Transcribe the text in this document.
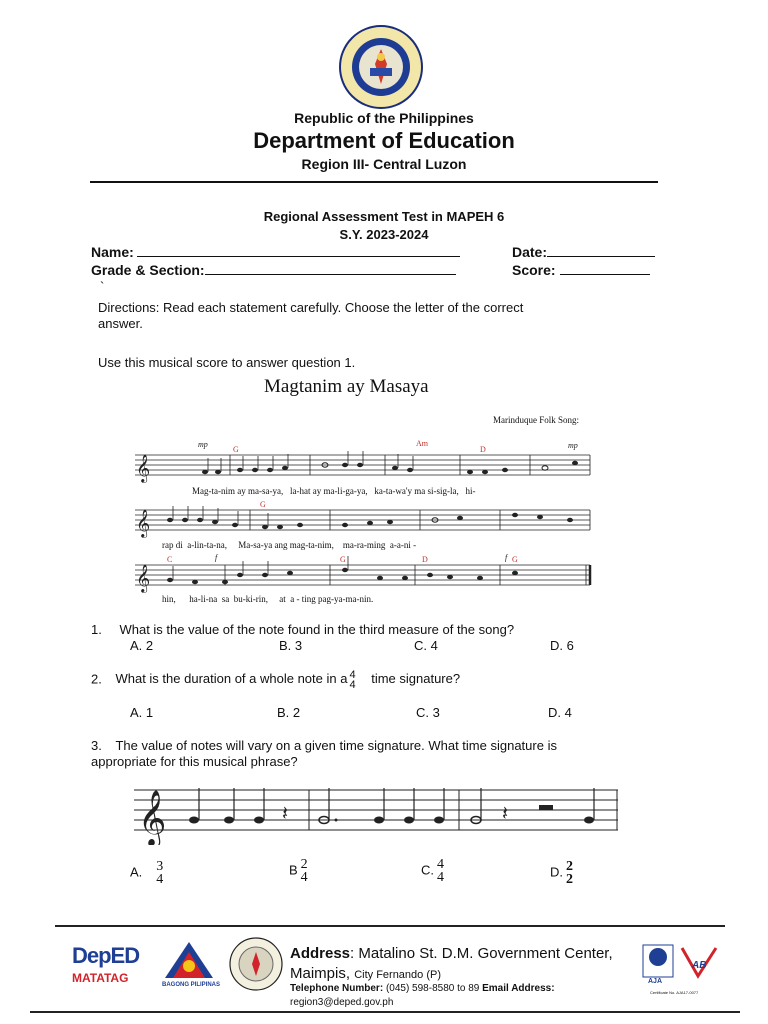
Republic of the Philippines
Department of Education
Region III- Central Luzon
Regional Assessment Test in MAPEH 6
S.Y. 2023-2024
Name:	Date:
Grade & Section:	Score:
`
Directions: Read each statement carefully. Choose the letter of the correct answer.
Use this musical score to answer question 1.
Magtanim ay Masaya
Marinduque Folk Song:
𝄞
𝄞
𝄞
mp	mp
f	f
G
Am
D
G
C	G	D	G
Mag-ta-nim ay ma-sa-ya,   la-hat ay ma-li-ga-ya,   ka-ta-wa'y ma si-sig-la,   hi-
rap di  a-lin-ta-na,     Ma-sa-ya ang mag-ta-nim,    ma-ra-ming  a-a-ni -
hin,      ha-li-na  sa  bu-ki-rin,     at  a - ting pag-ya-ma-nin.
1. What is the value of the note found in the third measure of the song?
A. 2	B. 3	C. 4	D. 6
2. What is the duration of a whole note in a 4
4 time signature?
A. 1	B. 2	C. 3	D. 4
3. The value of notes will vary on a given time signature. What time signature is appropriate for this musical phrase?
𝄞	𝄽	𝄽
A. 3
4
B 2
4
C. 4
4	D. 2
2
DepED
MATATAG	BAGONG PILIPINAS
Address: Matalino St. D.M. Government Center,
Maimpis, City Fernando (P)
Telephone Number: (045) 598-8580 to 89 Email Address:
region3@deped.gov.ph
AJA
AB
Certificate No. AJA17-0077
